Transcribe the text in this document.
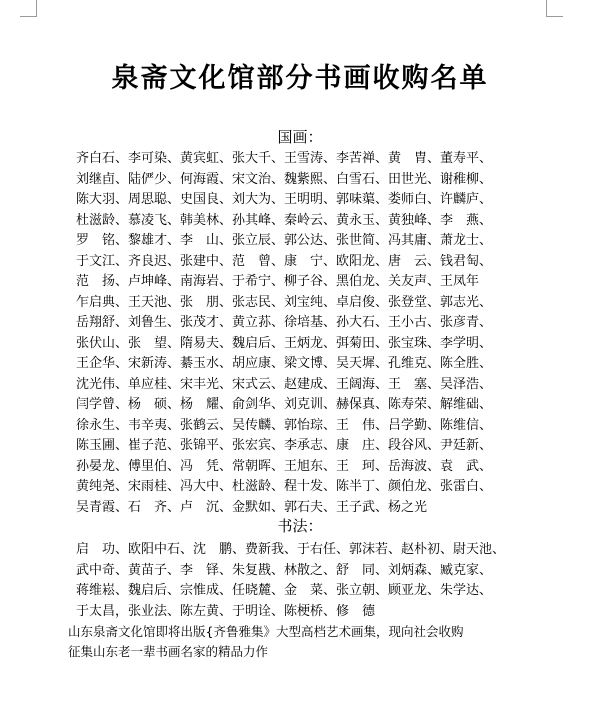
泉斋文化馆部分书画收购名单
国画：
齐白石、李可染、黄宾虹、张大千、王雪涛、李苦禅、黄　胄、董寿平、
刘继卣、陆俨少、何海霞、宋文治、魏紫熙、白雪石、田世光、谢稚柳、
陈大羽、周思聪、史国良、刘大为、王明明、郭味蕖、娄师白、许麟庐、
杜滋龄、慕凌飞、韩美林、孙其峰、秦岭云、黄永玉、黄独峰、李　燕、
罗　铭、黎雄才、李　山、张立辰、郭公达、张世简、冯其庸、萧龙士、
于文江、齐良迟、张建中、范　曾、康　宁、欧阳龙、唐　云、钱君匋、
范　扬、卢坤峰、南海岩、于希宁、柳子谷、黑伯龙、关友声、王凤年
乍启典、王天池、张　朋、张志民、刘宝纯、卓启俊、张登堂、郭志光、
岳翔舒、刘鲁生、张茂才、黄立荪、徐培基、孙大石、王小古、张彦青、
张伏山、张　望、隋易夫、魏启后、王炳龙、弭菊田、张宝珠、李学明、
王企华、宋新涛、綦玉水、胡应康、梁文博、吴天墀、孔维克、陈全胜、
沈光伟、单应桂、宋丰光、宋式云、赵建成、王阔海、王　塞、吴泽浩、
闫学曾、杨　硕、杨　耀、俞剑华、刘克训、赫保真、陈寿荣、解维础、
徐永生、韦辛夷、张鹤云、吴传麟、郭怡琮、王　伟、吕学勤、陈维信、
陈玉圃、崔子范、张锦平、张宏宾、李承志、康　庄、段谷风、尹廷新、
孙晏龙、傅里伯、冯　凭、常朝晖、王旭东、王　珂、岳海波、袁　武、
黄纯尧、宋雨桂、冯大中、杜滋龄、程十发、陈半丁、颜伯龙、张雷白、
吴青霞、石　齐、卢　沉、金默如、郭石夫、王子武、杨之光
书法：
启　功、欧阳中石、沈　鹏、费新我、于右任、郭沫若、赵朴初、尉天池、
武中奇、黄苗子、李　铎、朱复戡、林散之、舒　同、刘炳森、臧克家、
蒋维崧、魏启后、宗惟成、任晓麓、金　菜、张立朝、顾亚龙、朱学达、
于太昌，张业法、陈左黄、于明诠、陈梗桥、修　德
山东泉斋文化馆即将出版{齐鲁雅集》大型高档艺术画集，现向社会收购
征集山东老一辈书画名家的精品力作
